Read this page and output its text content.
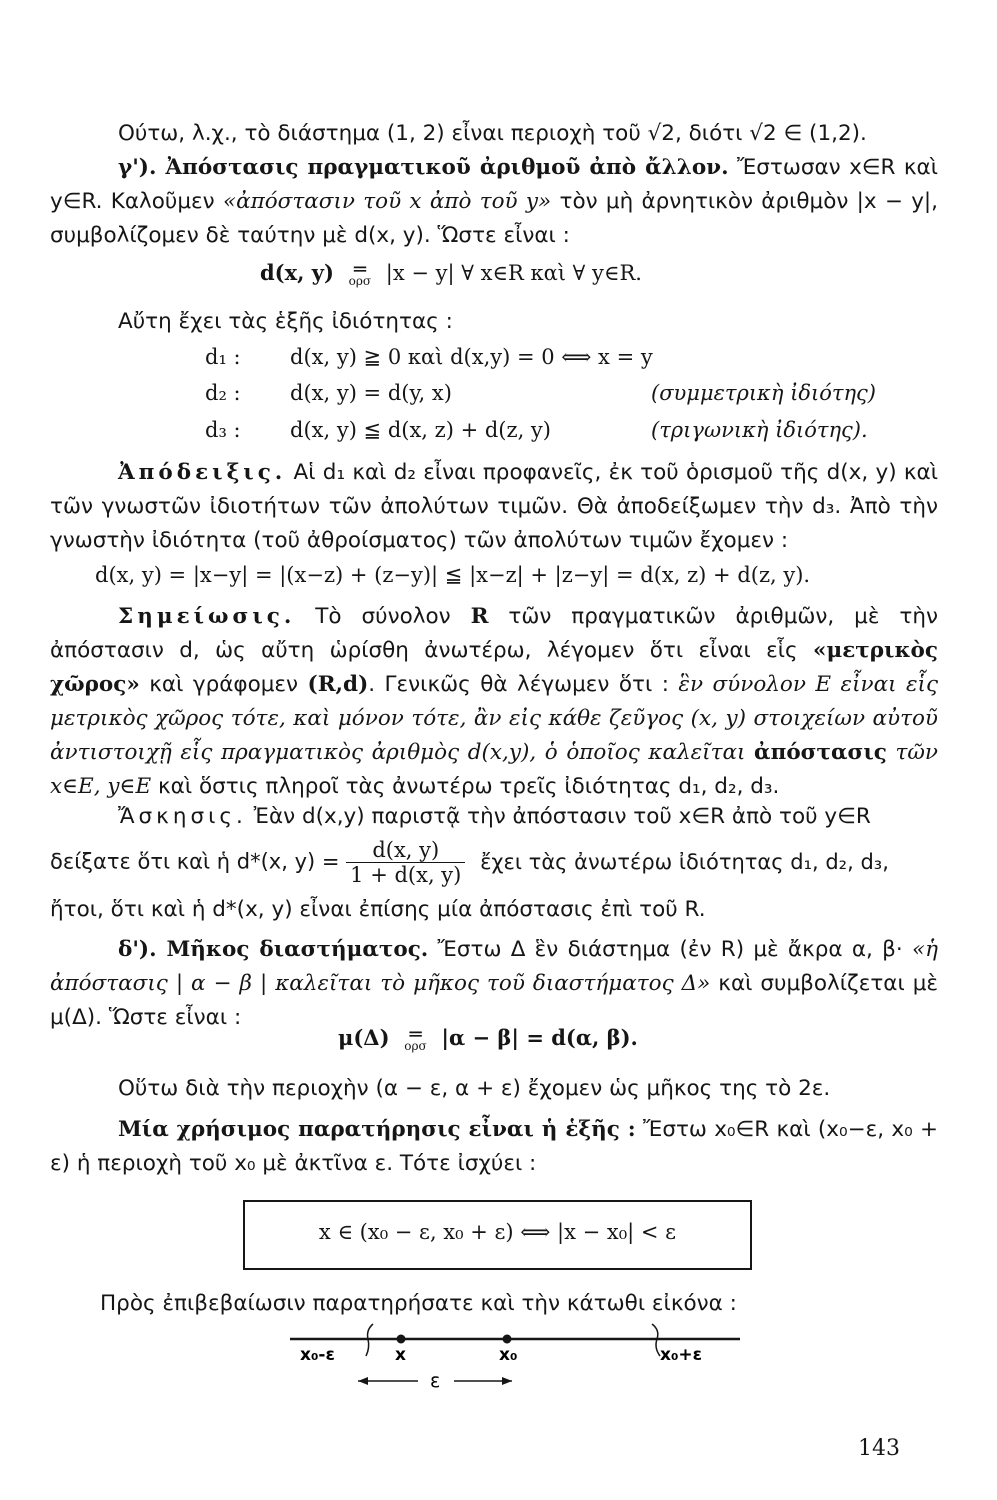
Ούτω, λ.χ., τὸ διάστημα (1, 2) εἶναι περιοχὴ τοῦ √2, διότι √2 ∈ (1,2).
γ'). Ἀπόστασις πραγματικοῦ ἀριθμοῦ ἀπὸ ἄλλον. Ἔστωσαν x∈R καὶ y∈R. Καλοῦμεν «ἀπόστασιν τοῦ x ἀπὸ τοῦ y» τὸν μὴ ἀρνητικὸν ἀριθμὸν |x − y|, συμβολίζομεν δὲ ταύτην μὲ d(x, y). Ὥστε εἶναι :
d(x, y) ═
ορσ |x − y| ∀ x∈R καὶ ∀ y∈R.
Αὔτη ἔχει τὰς ἑξῆς ἰδιότητας :
d₁ : d(x, y) ≧ 0 καὶ d(x,y) = 0 ⟺ x = y
d₂ : d(x, y) = d(y, x)	(συμμετρικὴ ἰδιότης)
d₃ : d(x, y) ≦ d(x, z) + d(z, y)	(τριγωνικὴ ἰδιότης).
Ἀπόδειξις. Αἱ d₁ καὶ d₂ εἶναι προφανεῖς, ἐκ τοῦ ὁρισμοῦ τῆς d(x, y) καὶ τῶν γνωστῶν ἰδιοτήτων τῶν ἀπολύτων τιμῶν. Θὰ ἀποδείξωμεν τὴν d₃. Ἀπὸ τὴν γνωστὴν ἰδιότητα (τοῦ ἀθροίσματος) τῶν ἀπολύτων τιμῶν ἔχομεν :
d(x, y) = |x−y| = |(x−z) + (z−y)| ≦ |x−z| + |z−y| = d(x, z) + d(z, y).
Σημείωσις. Τὸ σύνολον R τῶν πραγματικῶν ἀριθμῶν, μὲ τὴν ἀπόστασιν d, ὡς αὔτη ὡρίσθη ἀνωτέρω, λέγομεν ὅτι εἶναι εἷς «μετρικὸς χῶρος» καὶ γράφομεν (R,d). Γενικῶς θὰ λέγωμεν ὅτι : ἓν σύνολον E εἶναι εἷς μετρικὸς χῶρος τότε, καὶ μόνον τότε, ἂν εἰς κάθε ζεῦγος (x, y) στοιχείων αὐτοῦ ἀντιστοιχῇ εἷς πραγματικὸς ἀριθμὸς d(x,y), ὁ ὁποῖος καλεῖται ἀπόστασις τῶν x∈E, y∈E καὶ ὅστις πληροῖ τὰς ἀνωτέρω τρεῖς ἰδιότητας d₁, d₂, d₃.
Ἄσκησις. Ἐὰν d(x,y) παριστᾷ τὴν ἀπόστασιν τοῦ x∈R ἀπὸ τοῦ y∈R
δείξατε ὅτι καὶ ἡ d*(x, $y) = \frac{d(x, y)}{1 + d(x, y)}$ ἔχει τὰς ἀνωτέρω ἰδιότητας d₁, d₂, d₃,
ἤτοι, ὅτι καὶ ἡ d*(x, y) εἶναι ἐπίσης μία ἀπόστασις ἐπὶ τοῦ R.
δ'). Μῆκος διαστήματος. Ἔστω Δ ἓν διάστημα (ἐν R) μὲ ἄκρα α, β· «ἡ ἀπόστασις | α − β | καλεῖται τὸ μῆκος τοῦ διαστήματος Δ» καὶ συμβολίζεται μὲ μ(Δ). Ὥστε εἶναι :
μ(Δ) ═
ορσ |α − β| = d(α, β).
Οὕτω διὰ τὴν περιοχὴν (α − ε, α + ε) ἔχομεν ὡς μῆκος της τὸ 2ε.
Μία χρήσιμος παρατήρησις εἶναι ἡ ἑξῆς : Ἔστω x₀∈R καὶ (x₀−ε, x₀ + ε) ἡ περιοχὴ τοῦ x₀ μὲ ἀκτῖνα ε. Τότε ἰσχύει :
x ∈ (x₀ − ε, x₀ + ε) ⟺ |x − x₀| < ε
Πρὸς ἐπιβεβαίωσιν παρατηρήσατε καὶ τὴν κάτωθι εἰκόνα :
x₀-ε	x	x₀	x₀+ε
ε
143
